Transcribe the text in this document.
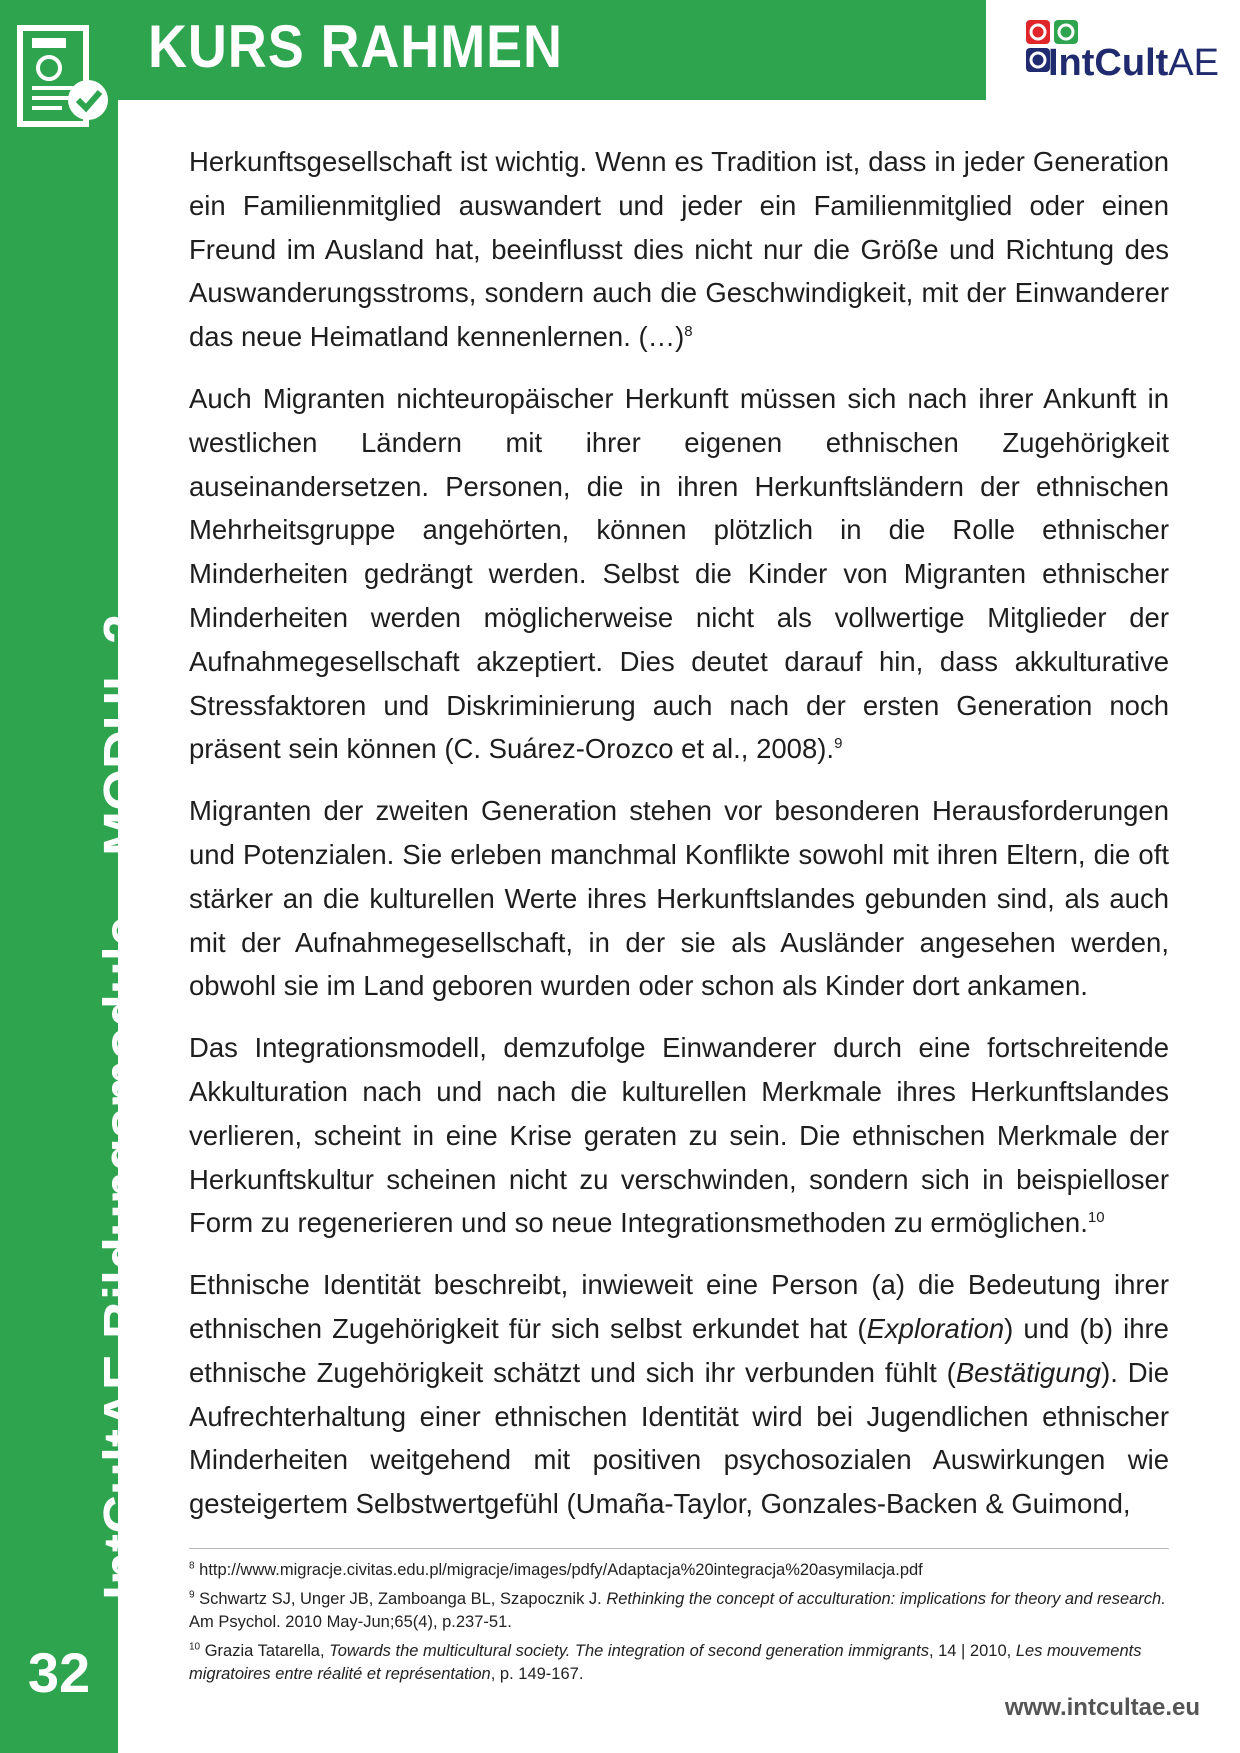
KURS RAHMEN	IntCultAE
IntCultAE Bildungsmodule – MODUL 2
32

Herkunftsgesellschaft ist wichtig. Wenn es Tradition ist, dass in jeder Generation ein Familienmitglied auswandert und jeder ein Familienmitglied oder einen Freund im Ausland hat, beeinflusst dies nicht nur die Größe und Richtung des Auswanderungsstroms, sondern auch die Geschwindigkeit, mit der Einwanderer das neue Heimatland kennenlernen. (…)$^8$

Auch Migranten nichteuropäischer Herkunft müssen sich nach ihrer Ankunft in westlichen Ländern mit ihrer eigenen ethnischen Zugehörigkeit auseinandersetzen. Personen, die in ihren Herkunftsländern der ethnischen Mehrheitsgruppe angehörten, können plötzlich in die Rolle ethnischer Minderheiten gedrängt werden. Selbst die Kinder von Migranten ethnischer Minderheiten werden möglicherweise nicht als vollwertige Mitglieder der Aufnahmegesellschaft akzeptiert. Dies deutet darauf hin, dass akkulturative Stressfaktoren und Diskriminierung auch nach der ersten Generation noch präsent sein können (C. Suárez-Orozco et al., 2008).$^9$

Migranten der zweiten Generation stehen vor besonderen Herausforderungen und Potenzialen. Sie erleben manchmal Konflikte sowohl mit ihren Eltern, die oft stärker an die kulturellen Werte ihres Herkunftslandes gebunden sind, als auch mit der Aufnahmegesellschaft, in der sie als Ausländer angesehen werden, obwohl sie im Land geboren wurden oder schon als Kinder dort ankamen.

Das Integrationsmodell, demzufolge Einwanderer durch eine fortschreitende Akkulturation nach und nach die kulturellen Merkmale ihres Herkunftslandes verlieren, scheint in eine Krise geraten zu sein. Die ethnischen Merkmale der Herkunftskultur scheinen nicht zu verschwinden, sondern sich in beispielloser Form zu regenerieren und so neue Integrationsmethoden zu ermöglichen.$^{10}$

Ethnische Identität beschreibt, inwieweit eine Person (a) die Bedeutung ihrer ethnischen Zugehörigkeit für sich selbst erkundet hat (Exploration) und (b) ihre ethnische Zugehörigkeit schätzt und sich ihr verbunden fühlt (Bestätigung). Die Aufrechterhaltung einer ethnischen Identität wird bei Jugendlichen ethnischer Minderheiten weitgehend mit positiven psychosozialen Auswirkungen wie gesteigertem Selbstwertgefühl (Umaña-Taylor, Gonzales-Backen & Guimond,

$^8$ http://www.migracje.civitas.edu.pl/migracje/images/pdfy/Adaptacja%20integracja%20asymilacja.pdf

$^9$ Schwartz SJ, Unger JB, Zamboanga BL, Szapocznik J. Rethinking the concept of acculturation: implications for theory and research. Am Psychol. 2010 May-Jun;65(4), p.237-51.

$^{10}$ Grazia Tatarella, Towards the multicultural society. The integration of second generation immigrants, 14 | 2010, Les mouvements migratoires entre réalité et représentation, p. 149-167.

www.intcultae.eu
